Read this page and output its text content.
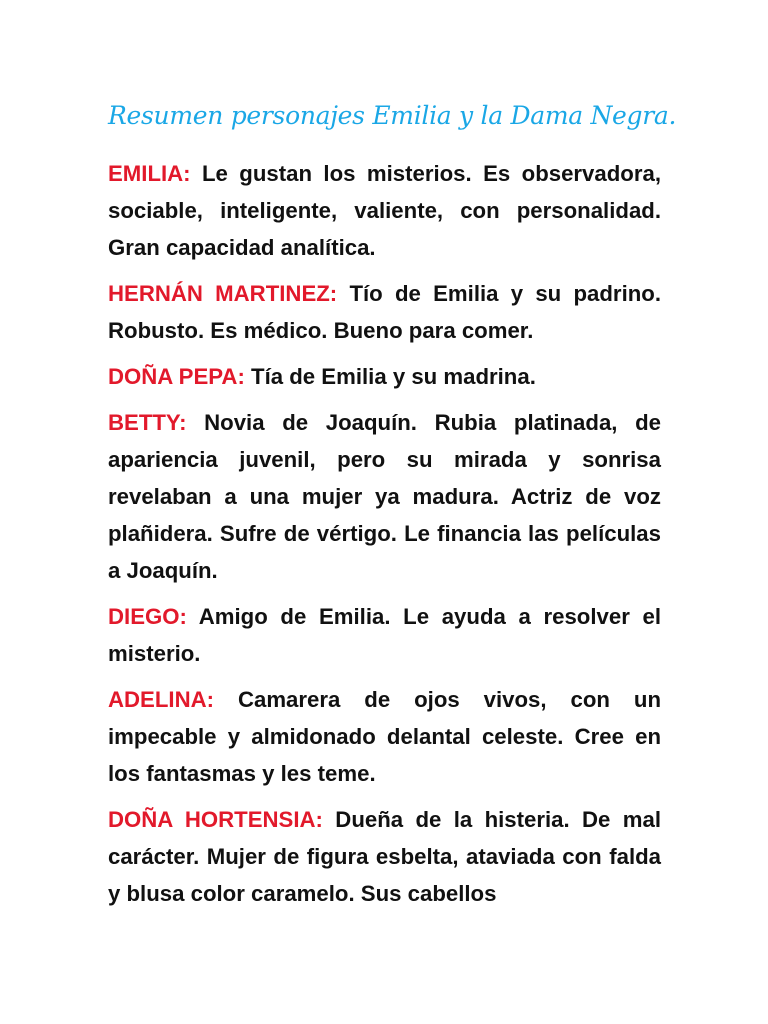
Resumen personajes Emilia y la Dama Negra.

EMILIA: Le gustan los misterios. Es observadora, sociable, inteligente, valiente, con personalidad. Gran capacidad analítica.

HERNÁN MARTINEZ: Tío de Emilia y su padrino. Robusto. Es médico. Bueno para comer.

DOÑA PEPA: Tía de Emilia y su madrina.

BETTY: Novia de Joaquín. Rubia platinada, de apariencia juvenil, pero su mirada y sonrisa revelaban a una mujer ya madura. Actriz de voz plañidera. Sufre de vértigo. Le financia las películas a Joaquín.

DIEGO: Amigo de Emilia. Le ayuda a resolver el misterio.

ADELINA: Camarera de ojos vivos, con un impecable y almidonado delantal celeste. Cree en los fantasmas y les teme.

DOÑA HORTENSIA: Dueña de la histeria. De mal carácter. Mujer de figura esbelta, ataviada con falda y blusa color caramelo. Sus cabellos
